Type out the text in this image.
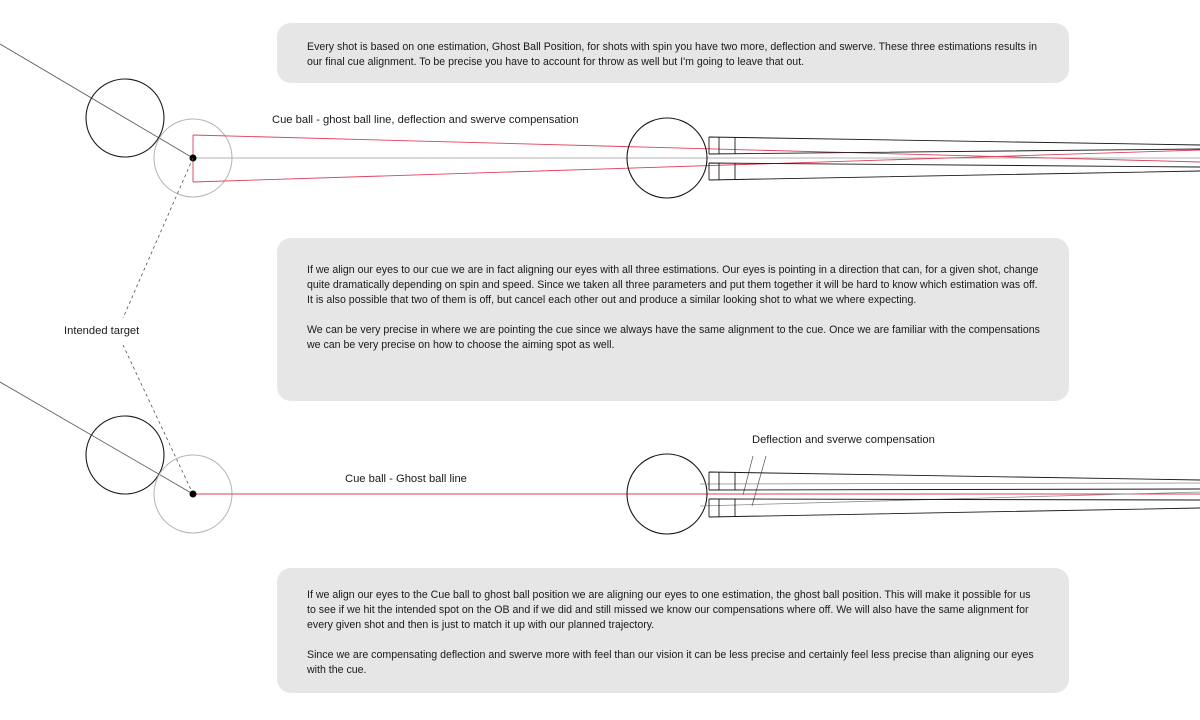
Every shot is based on one estimation, Ghost Ball Position, for shots with spin you have two more, deflection and swerve. These three estimations results in our final cue alignment. To be precise you have to account for throw as well but I'm going to leave that out.

If we align our eyes to our cue we are in fact aligning our eyes with all three estimations. Our eyes is pointing in a direction that can, for a given shot, change quite dramatically depending on spin and speed. Since we taken all three parameters and put them together it will be hard to know which estimation was off. It is also possible that two of them is off, but cancel each other out and produce a similar looking shot to what we where expecting.

We can be very precise in where we are pointing the cue since we always have the same alignment to the cue. Once we are familiar with the compensations we can be very precise on how to choose the aiming spot as well.

If we align our eyes to the Cue ball to ghost ball position we are aligning our eyes to one estimation, the ghost ball position. This will make it possible for us to see if we hit the intended spot on the OB and if we did and still missed we know our compensations where off. We will also have the same alignment for every given shot and then is just to match it up with our planned trajectory.

Since we are compensating deflection and swerve more with feel than our vision it can be less precise and certainly feel less precise than aligning our eyes with the cue.

Cue ball - ghost ball line, deflection and swerve compensation
Intended target
Cue ball - Ghost ball line
Deflection and sverwe compensation
